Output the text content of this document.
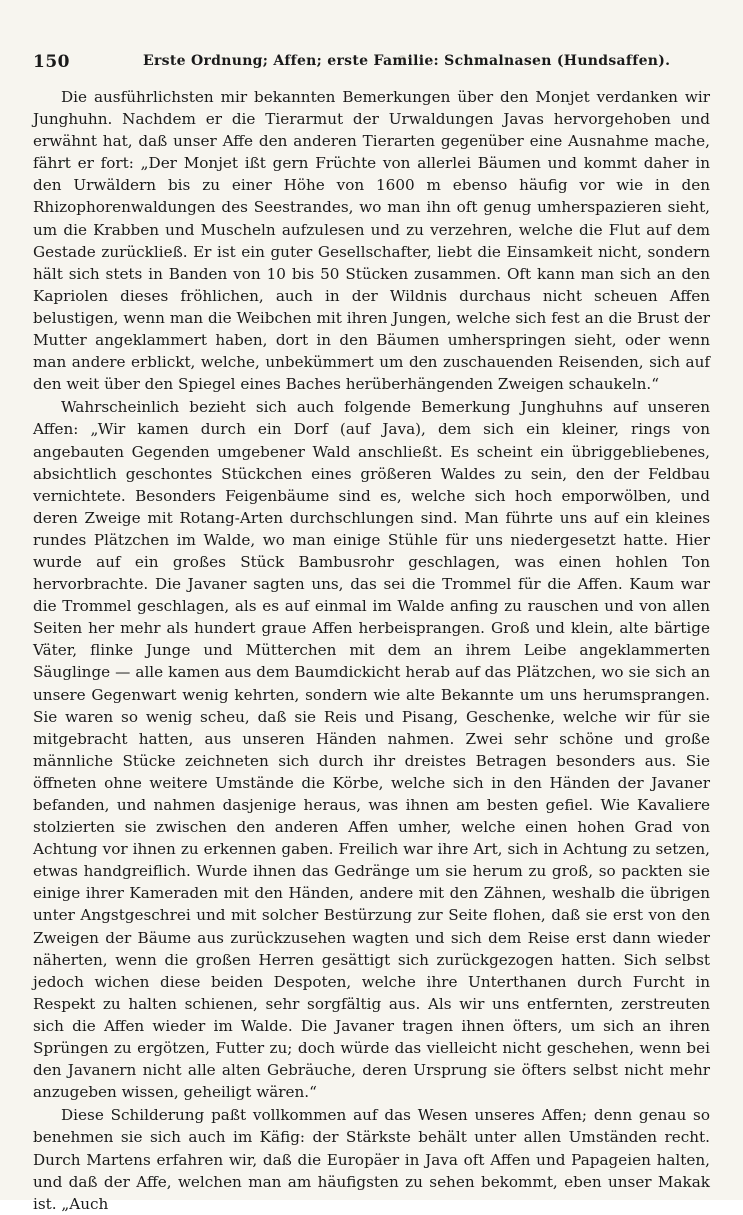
150	Erste Ordnung; Affen; erste Familie: Schmalnasen (Hundsaffen).

Die ausführlichsten mir bekannten Bemerkungen über den Monjet verdanken wir Junghuhn. Nachdem er die Tierarmut der Urwaldungen Javas hervorgehoben und erwähnt hat, daß unser Affe den anderen Tierarten gegenüber eine Ausnahme mache, fährt er fort: „Der Monjet ißt gern Früchte von allerlei Bäumen und kommt daher in den Urwäldern bis zu einer Höhe von 1600 m ebenso häufig vor wie in den Rhizophorenwaldungen des Seestrandes, wo man ihn oft genug umherspazieren sieht, um die Krabben und Muscheln aufzulesen und zu verzehren, welche die Flut auf dem Gestade zurückließ. Er ist ein guter Gesellschafter, liebt die Einsamkeit nicht, sondern hält sich stets in Banden von 10 bis 50 Stücken zusammen. Oft kann man sich an den Kapriolen dieses fröhlichen, auch in der Wildnis durchaus nicht scheuen Affen belustigen, wenn man die Weibchen mit ihren Jungen, welche sich fest an die Brust der Mutter angeklammert haben, dort in den Bäumen umherspringen sieht, oder wenn man andere erblickt, welche, unbekümmert um den zuschauenden Reisenden, sich auf den weit über den Spiegel eines Baches herüberhängenden Zweigen schaukeln.“

Wahrscheinlich bezieht sich auch folgende Bemerkung Junghuhns auf unseren Affen: „Wir kamen durch ein Dorf (auf Java), dem sich ein kleiner, rings von angebauten Gegenden umgebener Wald anschließt. Es scheint ein übriggebliebenes, absichtlich geschontes Stückchen eines größeren Waldes zu sein, den der Feldbau vernichtete. Besonders Feigenbäume sind es, welche sich hoch emporwölben, und deren Zweige mit Rotang-Arten durchschlungen sind. Man führte uns auf ein kleines rundes Plätzchen im Walde, wo man einige Stühle für uns niedergesetzt hatte. Hier wurde auf ein großes Stück Bambusrohr geschlagen, was einen hohlen Ton hervorbrachte. Die Javaner sagten uns, das sei die Trommel für die Affen. Kaum war die Trommel geschlagen, als es auf einmal im Walde anfing zu rauschen und von allen Seiten her mehr als hundert graue Affen herbeisprangen. Groß und klein, alte bärtige Väter, flinke Junge und Mütterchen mit dem an ihrem Leibe angeklammerten Säuglinge — alle kamen aus dem Baumdickicht herab auf das Plätzchen, wo sie sich an unsere Gegenwart wenig kehrten, sondern wie alte Bekannte um uns herumsprangen. Sie waren so wenig scheu, daß sie Reis und Pisang, Geschenke, welche wir für sie mitgebracht hatten, aus unseren Händen nahmen. Zwei sehr schöne und große männliche Stücke zeichneten sich durch ihr dreistes Betragen besonders aus. Sie öffneten ohne weitere Umstände die Körbe, welche sich in den Händen der Javaner befanden, und nahmen dasjenige heraus, was ihnen am besten gefiel. Wie Kavaliere stolzierten sie zwischen den anderen Affen umher, welche einen hohen Grad von Achtung vor ihnen zu erkennen gaben. Freilich war ihre Art, sich in Achtung zu setzen, etwas handgreiflich. Wurde ihnen das Gedränge um sie herum zu groß, so packten sie einige ihrer Kameraden mit den Händen, andere mit den Zähnen, weshalb die übrigen unter Angstgeschrei und mit solcher Bestürzung zur Seite flohen, daß sie erst von den Zweigen der Bäume aus zurückzusehen wagten und sich dem Reise erst dann wieder näherten, wenn die großen Herren gesättigt sich zurückgezogen hatten. Sich selbst jedoch wichen diese beiden Despoten, welche ihre Unterthanen durch Furcht in Respekt zu halten schienen, sehr sorgfältig aus. Als wir uns entfernten, zerstreuten sich die Affen wieder im Walde. Die Javaner tragen ihnen öfters, um sich an ihren Sprüngen zu ergötzen, Futter zu; doch würde das vielleicht nicht geschehen, wenn bei den Javanern nicht alle alten Gebräuche, deren Ursprung sie öfters selbst nicht mehr anzugeben wissen, geheiligt wären.“

Diese Schilderung paßt vollkommen auf das Wesen unseres Affen; denn genau so benehmen sie sich auch im Käfig: der Stärkste behält unter allen Umständen recht. Durch Martens erfahren wir, daß die Europäer in Java oft Affen und Papageien halten, und daß der Affe, welchen man am häufigsten zu sehen bekommt, eben unser Makak ist. „Auch
